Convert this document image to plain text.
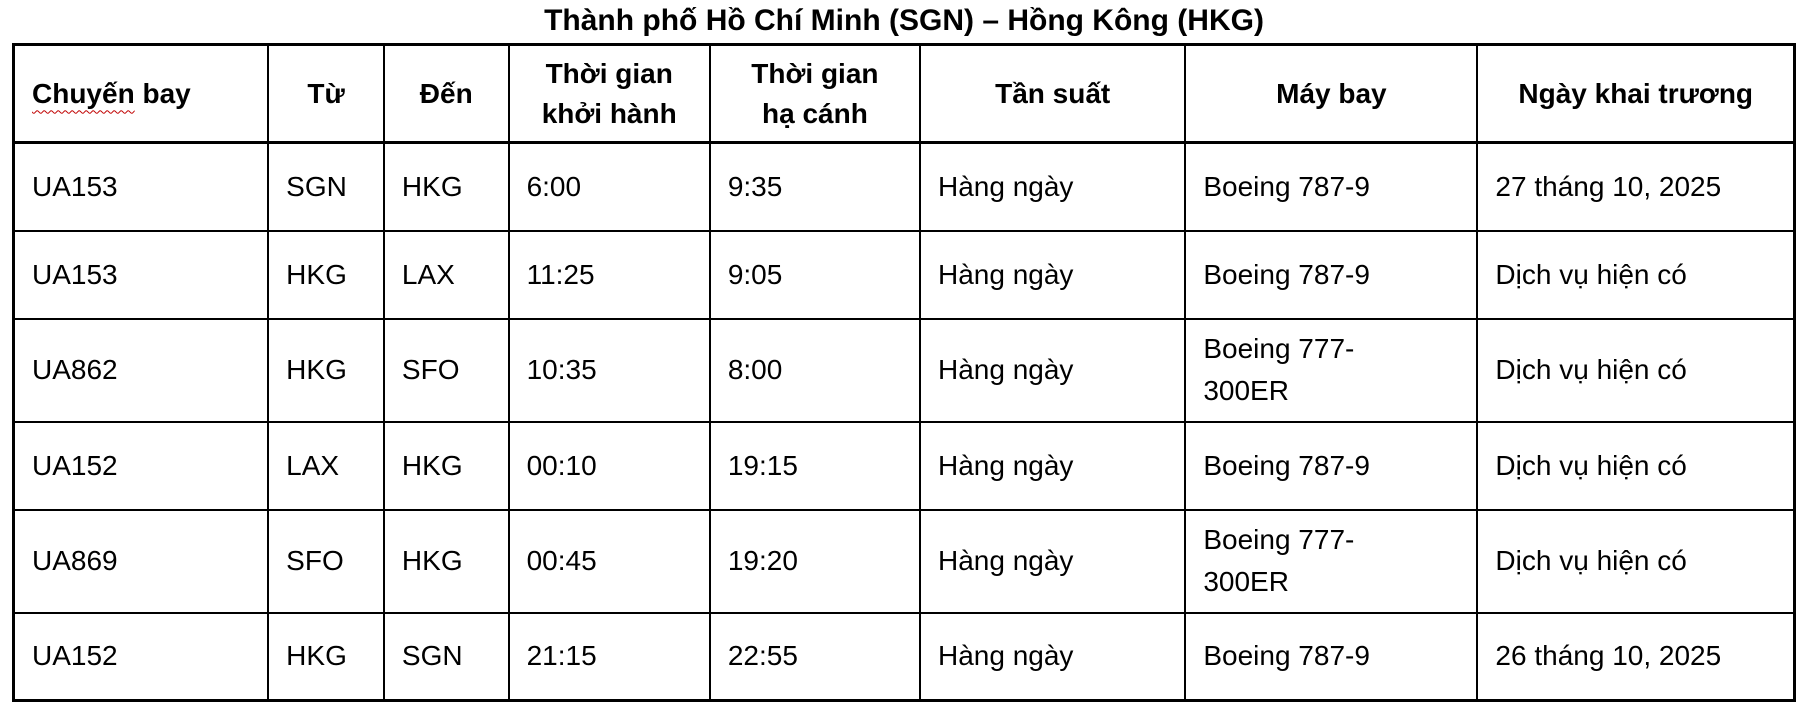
Thành phố Hồ Chí Minh (SGN) – Hồng Kông (HKG)
Chuyến bay	Từ	Đến	Thời gian khởi hành	Thời gian hạ cánh	Tần suất	Máy bay	Ngày khai trương
UA153	SGN	HKG	6:00	9:35	Hàng ngày	Boeing 787-9	27 tháng 10, 2025
UA153	HKG	LAX	11:25	9:05	Hàng ngày	Boeing 787-9	Dịch vụ hiện có
UA862	HKG	SFO	10:35	8:00	Hàng ngày	Boeing 777-300ER	Dịch vụ hiện có
UA152	LAX	HKG	00:10	19:15	Hàng ngày	Boeing 787-9	Dịch vụ hiện có
UA869	SFO	HKG	00:45	19:20	Hàng ngày	Boeing 777-300ER	Dịch vụ hiện có
UA152	HKG	SGN	21:15	22:55	Hàng ngày	Boeing 787-9	26 tháng 10, 2025
